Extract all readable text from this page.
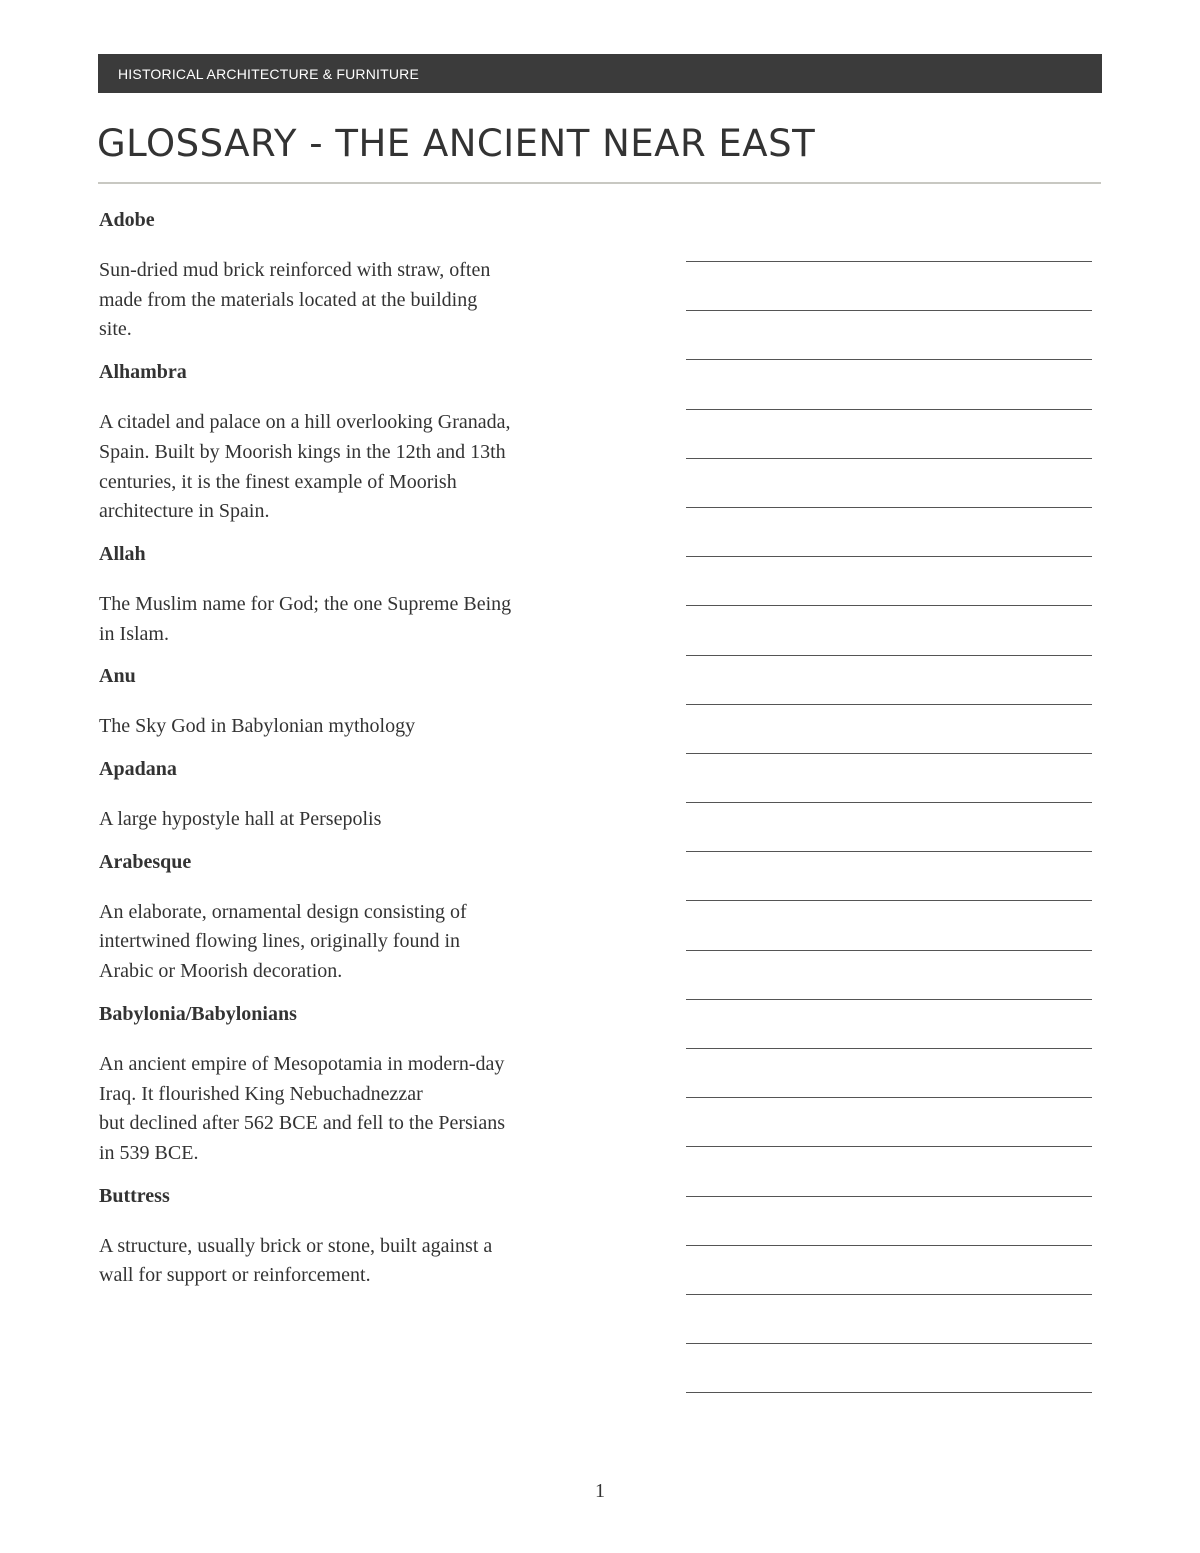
HISTORICAL ARCHITECTURE & FURNITURE
GLOSSARY - THE ANCIENT NEAR EAST

Adobe

Sun-dried mud brick reinforced with straw, often
made from the materials located at the building
site.

Alhambra

A citadel and palace on a hill overlooking Granada,
Spain. Built by Moorish kings in the 12th and 13th
centuries, it is the finest example of Moorish
architecture in Spain.

Allah

The Muslim name for God; the one Supreme Being
in Islam.

Anu

The Sky God in Babylonian mythology

Apadana

A large hypostyle hall at Persepolis

Arabesque

An elaborate, ornamental design consisting of
intertwined flowing lines, originally found in
Arabic or Moorish decoration.

Babylonia/Babylonians

An ancient empire of Mesopotamia in modern-day
Iraq. It flourished King Nebuchadnezzar
but declined after 562 BCE and fell to the Persians
in 539 BCE.

Buttress

A structure, usually brick or stone, built against a
wall for support or reinforcement.

1
